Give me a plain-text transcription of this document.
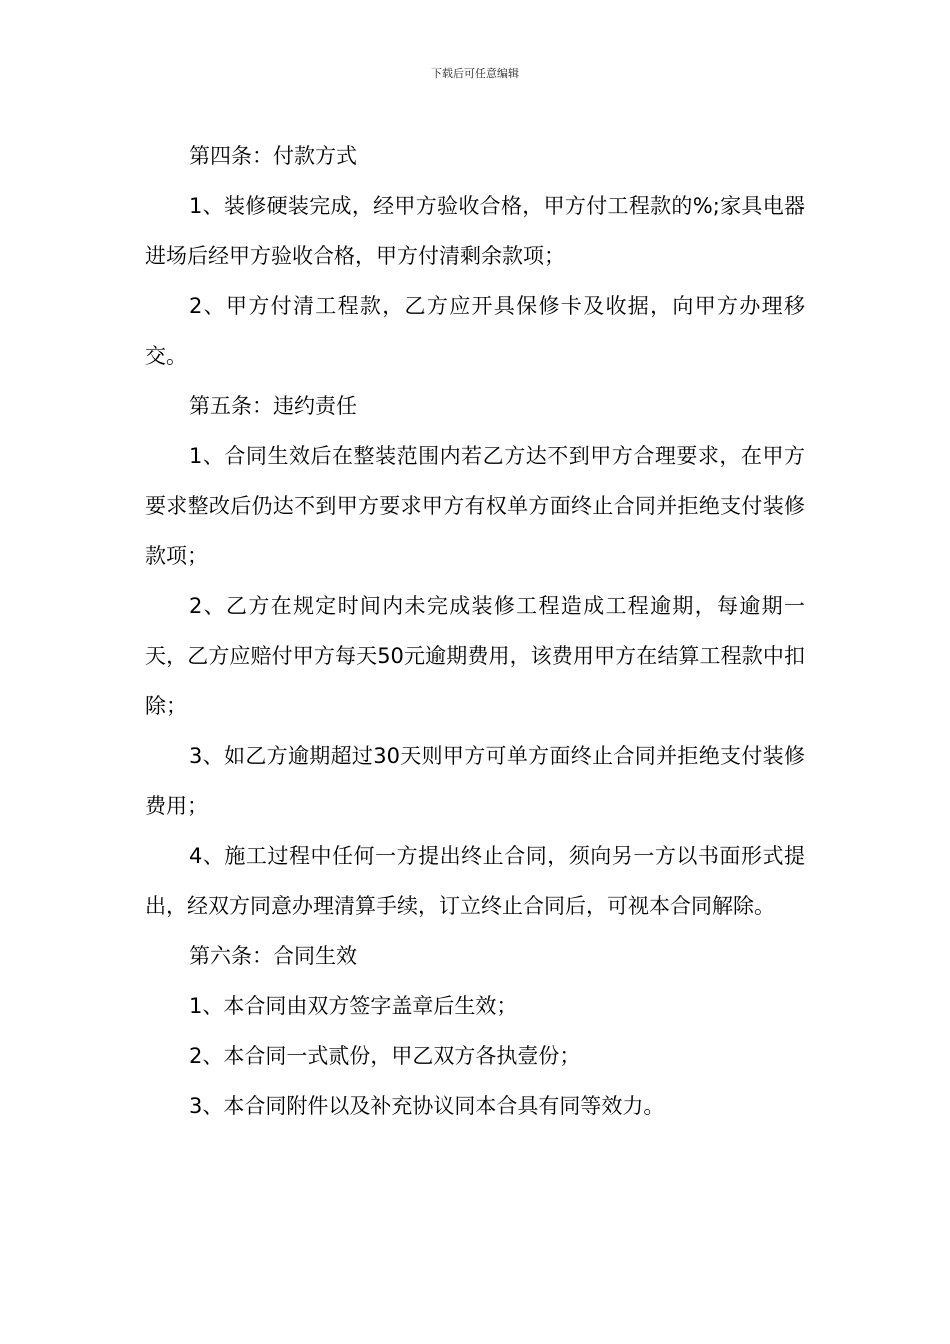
下载后可任意编辑

第四条：付款方式

1、装修硬装完成，经甲方验收合格，甲方付工程款的%;家具电器进场后经甲方验收合格，甲方付清剩余款项；

2、甲方付清工程款，乙方应开具保修卡及收据，向甲方办理移交。

第五条：违约责任

1、合同生效后在整装范围内若乙方达不到甲方合理要求，在甲方要求整改后仍达不到甲方要求甲方有权单方面终止合同并拒绝支付装修款项；

2、乙方在规定时间内未完成装修工程造成工程逾期，每逾期一天，乙方应赔付甲方每天50元逾期费用，该费用甲方在结算工程款中扣除；

3、如乙方逾期超过30天则甲方可单方面终止合同并拒绝支付装修费用；

4、施工过程中任何一方提出终止合同，须向另一方以书面形式提出，经双方同意办理清算手续，订立终止合同后，可视本合同解除。

第六条：合同生效

1、本合同由双方签字盖章后生效；

2、本合同一式贰份，甲乙双方各执壹份；

3、本合同附件以及补充协议同本合具有同等效力。
